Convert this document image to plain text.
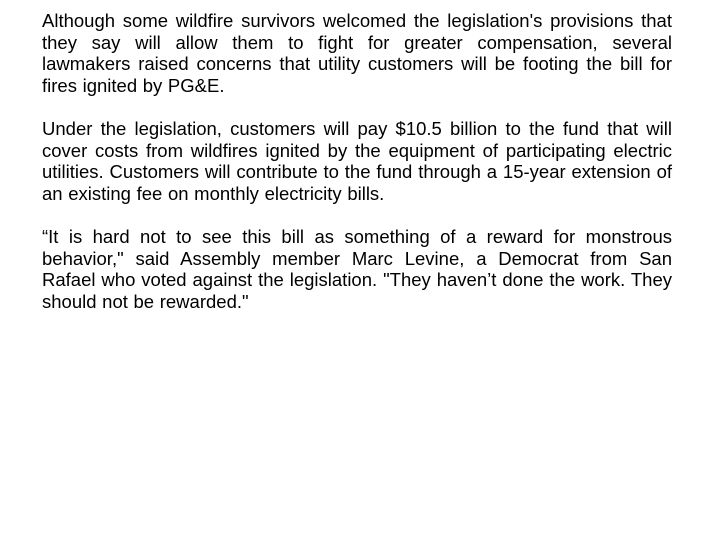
Although some wildfire survivors welcomed the legislation's provisions that they say will allow them to fight for greater compensation, several lawmakers raised concerns that utility customers will be footing the bill for fires ignited by PG&E.

Under the legislation, customers will pay $10.5 billion to the fund that will cover costs from wildfires ignited by the equipment of participating electric utilities. Customers will contribute to the fund through a 15-year extension of an existing fee on monthly electricity bills.

“It is hard not to see this bill as something of a reward for monstrous behavior," said Assembly member Marc Levine, a Democrat from San Rafael who voted against the legislation. "They haven’t done the work. They should not be rewarded."
